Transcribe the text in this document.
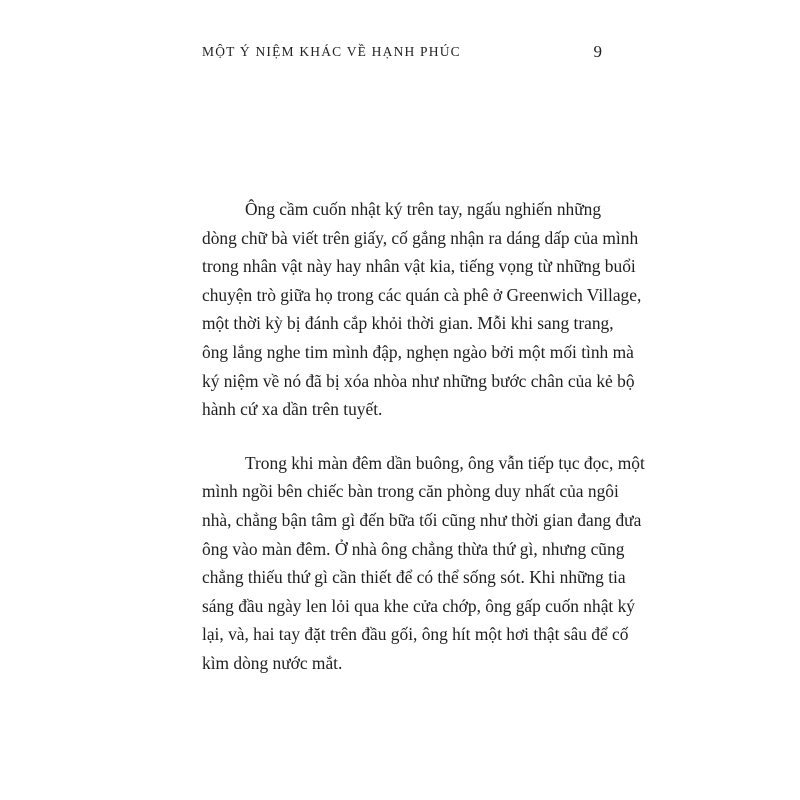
MỘT Ý NIỆM KHÁC VỀ HẠNH PHÚC	9

Ông cầm cuốn nhật ký trên tay, ngấu nghiến những
dòng chữ bà viết trên giấy, cố gắng nhận ra dáng dấp của mình
trong nhân vật này hay nhân vật kia, tiếng vọng từ những buổi
chuyện trò giữa họ trong các quán cà phê ở Greenwich Village,
một thời kỳ bị đánh cắp khỏi thời gian. Mỗi khi sang trang,
ông lắng nghe tim mình đập, nghẹn ngào bởi một mối tình mà
ký niệm về nó đã bị xóa nhòa như những bước chân của kẻ bộ
hành cứ xa dần trên tuyết.

Trong khi màn đêm dần buông, ông vẫn tiếp tục đọc, một
mình ngồi bên chiếc bàn trong căn phòng duy nhất của ngôi
nhà, chẳng bận tâm gì đến bữa tối cũng như thời gian đang đưa
ông vào màn đêm. Ở nhà ông chẳng thừa thứ gì, nhưng cũng
chẳng thiếu thứ gì cần thiết để có thể sống sót. Khi những tia
sáng đầu ngày len lỏi qua khe cửa chớp, ông gấp cuốn nhật ký
lại, và, hai tay đặt trên đầu gối, ông hít một hơi thật sâu để cố
kìm dòng nước mắt.
